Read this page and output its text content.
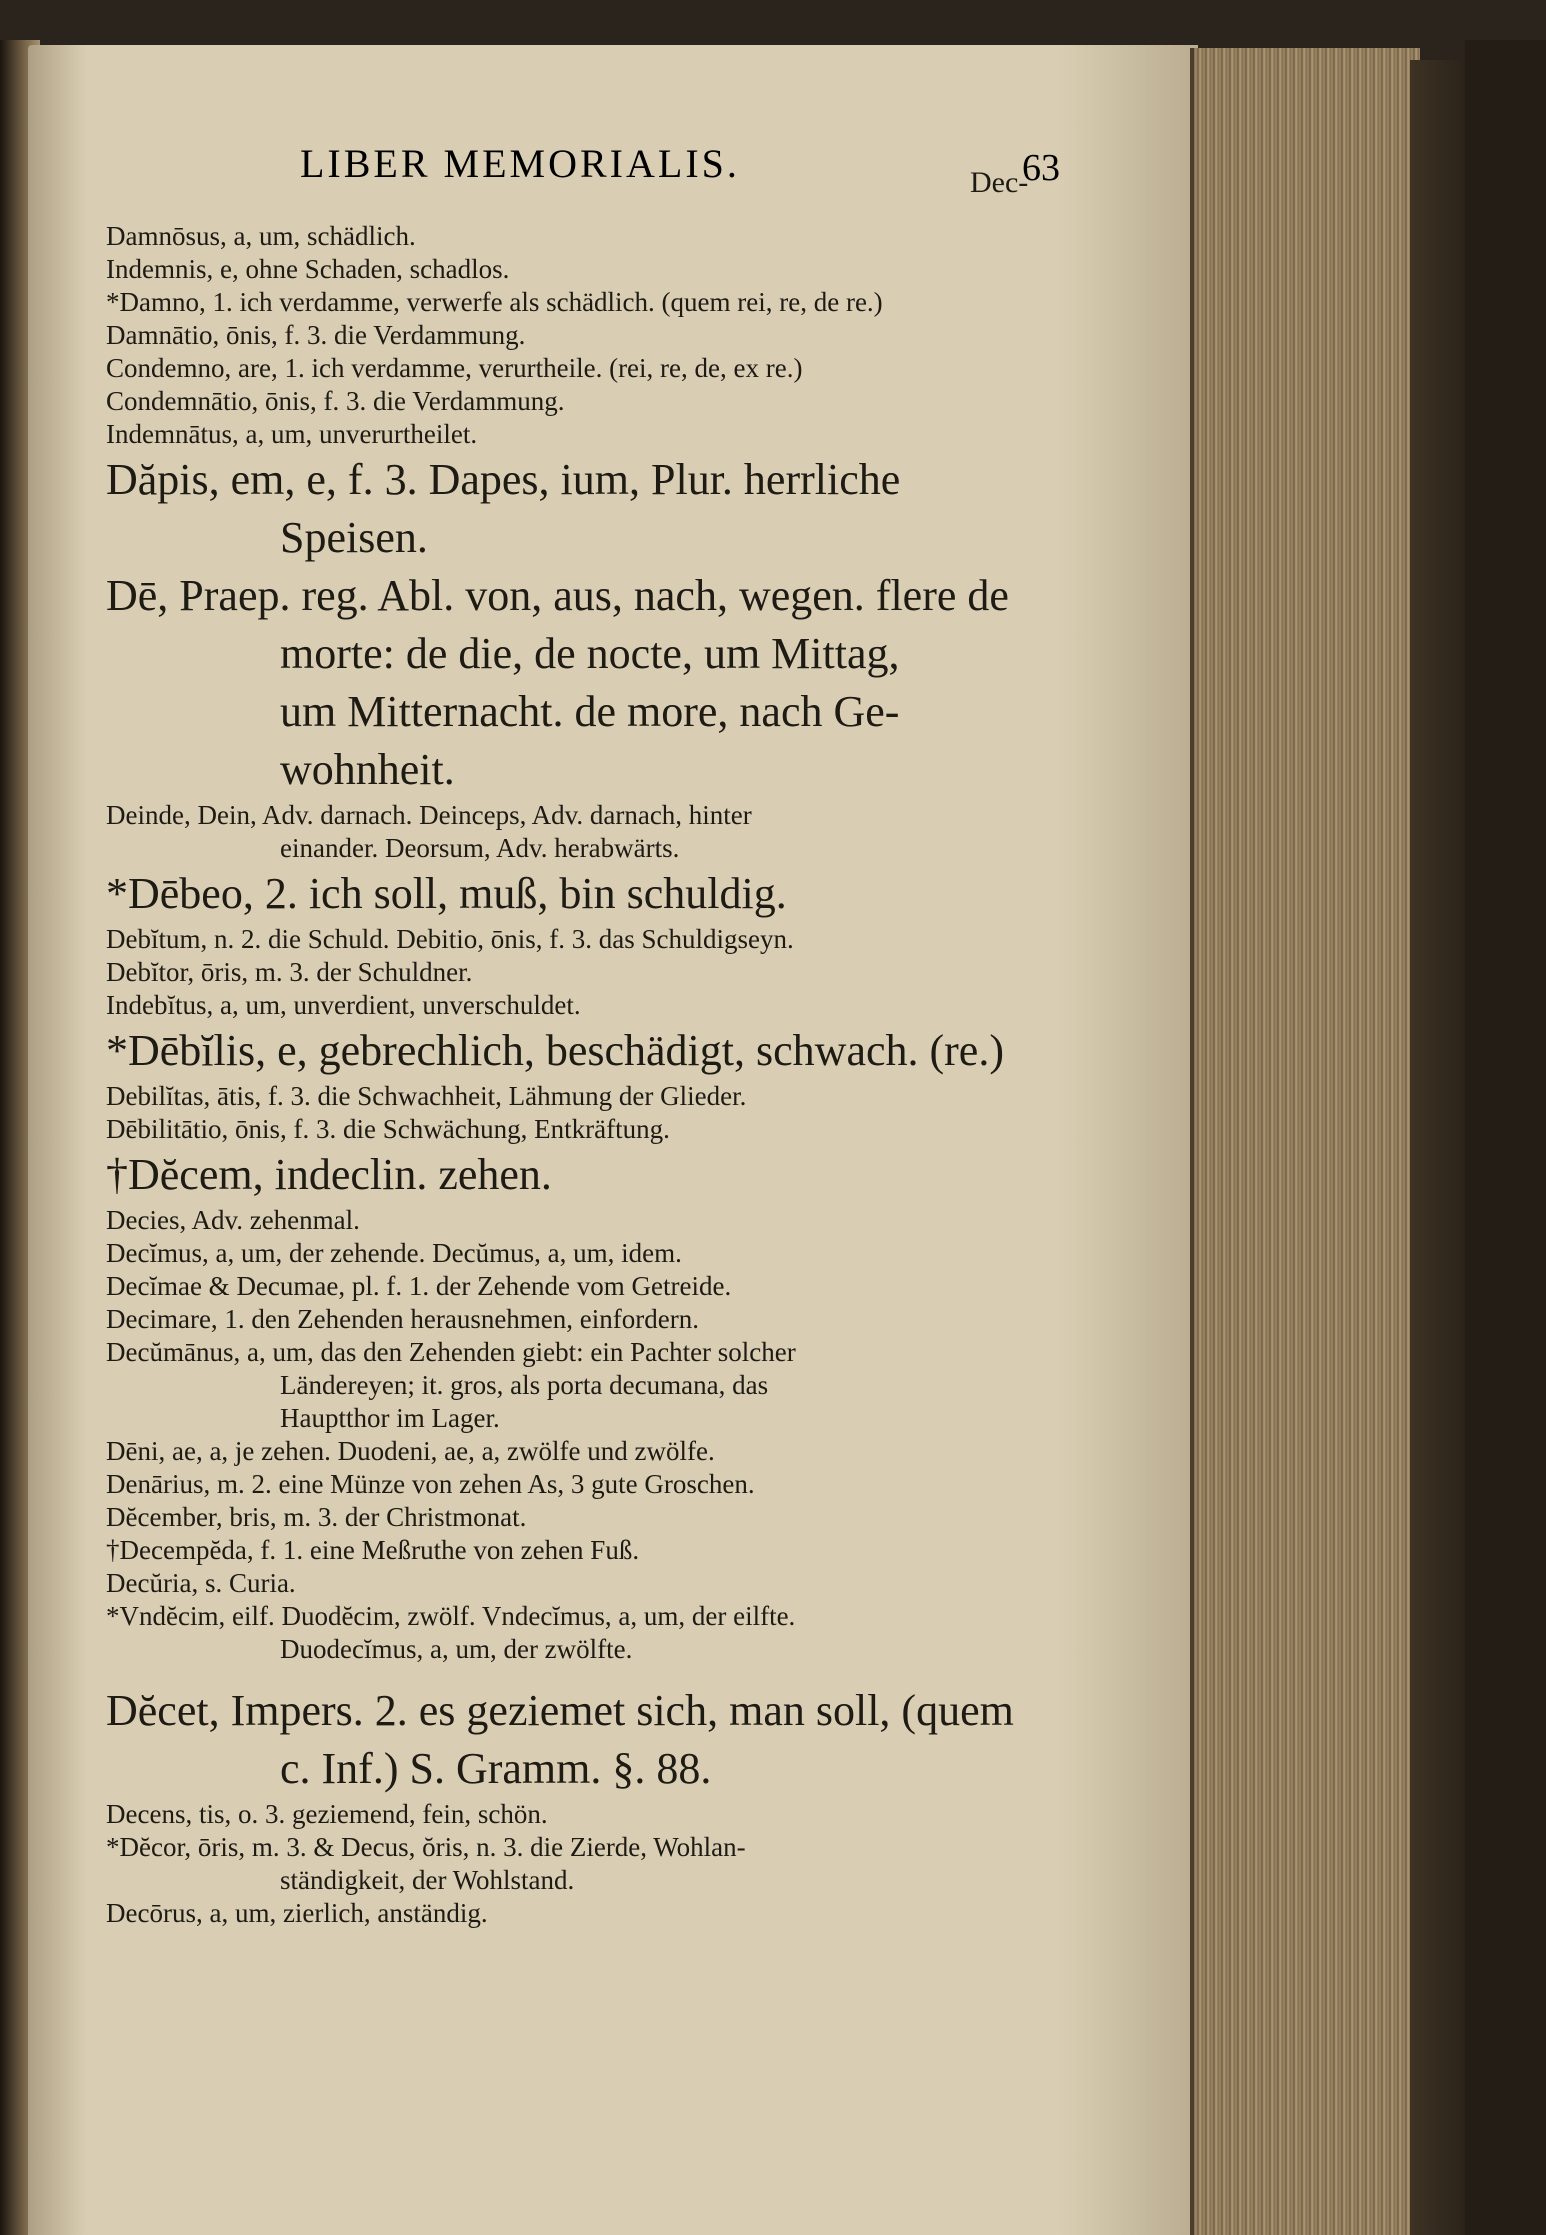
LIBER MEMORIALIS.	63
Damnōsus, a, um, schädlich.
Indemnis, e, ohne Schaden, schadlos.
*Damno, 1. ich verdamme, verwerfe als schädlich. (quem rei, re, de re.)
Damnātio, ōnis, f. 3. die Verdammung.
Condemno, are, 1. ich verdamme, verurtheile. (rei, re, de, ex re.)
Condemnātio, ōnis, f. 3. die Verdammung.
Indemnātus, a, um, unverurtheilet.
Dăpis, em, e, f. 3. Dapes, ium, Plur. herrliche
Speisen.
Dē, Praep. reg. Abl. von, aus, nach, wegen. flere de
morte: de die, de nocte, um Mittag,
um Mitternacht. de more, nach Ge-
wohnheit.
Deinde, Dein, Adv. darnach. Deinceps, Adv. darnach, hinter
einander. Deorsum, Adv. herabwärts.
*Dēbeo, 2. ich soll, muß, bin schuldig.
Debĭtum, n. 2. die Schuld. Debitio, ōnis, f. 3. das Schuldigseyn.
Debĭtor, ōris, m. 3. der Schuldner.
Indebĭtus, a, um, unverdient, unverschuldet.
*Dēbĭlis, e, gebrechlich, beschädigt, schwach. (re.)
Debilĭtas, ātis, f. 3. die Schwachheit, Lähmung der Glieder.
Dēbilitātio, ōnis, f. 3. die Schwächung, Entkräftung.
†Dĕcem, indeclin. zehen.
Decies, Adv. zehenmal.
Decĭmus, a, um, der zehende. Decŭmus, a, um, idem.
Decĭmae & Decumae, pl. f. 1. der Zehende vom Getreide.
Decimare, 1. den Zehenden herausnehmen, einfordern.
Decŭmānus, a, um, das den Zehenden giebt: ein Pachter solcher
Ländereyen; it. gros, als porta decumana, das
Hauptthor im Lager.
Dēni, ae, a, je zehen. Duodeni, ae, a, zwölfe und zwölfe.
Denārius, m. 2. eine Münze von zehen As, 3 gute Groschen.
Dĕcember, bris, m. 3. der Christmonat.
†Decempĕda, f. 1. eine Meßruthe von zehen Fuß.
Decŭria, s. Curia.
*Vndĕcim, eilf. Duodĕcim, zwölf. Vndecĭmus, a, um, der eilfte.
Duodecĭmus, a, um, der zwölfte.
Dĕcet, Impers. 2. es geziemet sich, man soll, (quem
c. Inf.) S. Gramm. §. 88.
Decens, tis, o. 3. geziemend, fein, schön.
*Dĕcor, ōris, m. 3. & Decus, ŏris, n. 3. die Zierde, Wohlan-
ständigkeit, der Wohlstand.
Decōrus, a, um, zierlich, anständig.
Dec-
